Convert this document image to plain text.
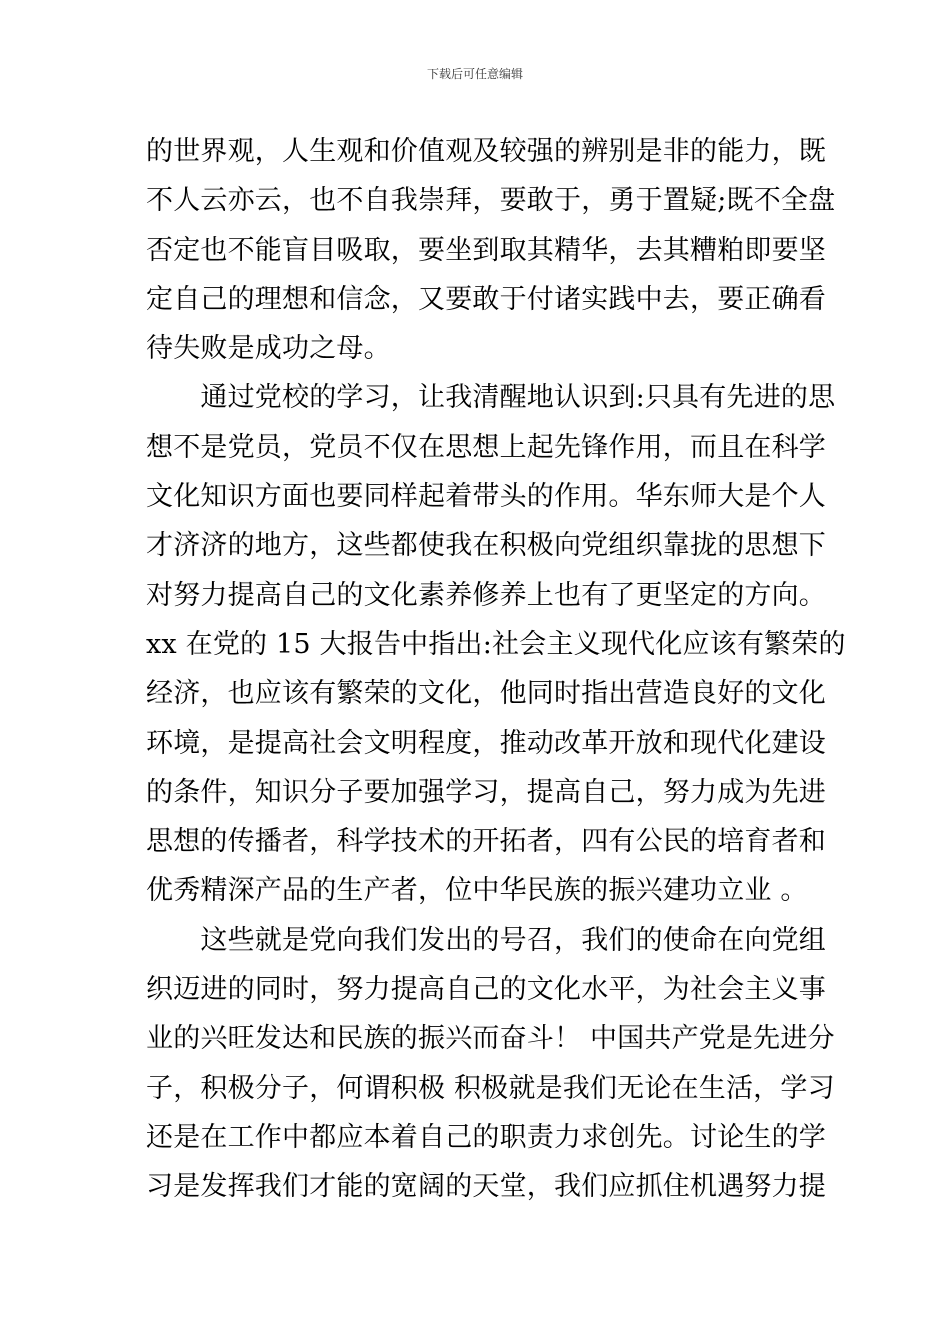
下载后可任意编辑
的世界观，人生观和价值观及较强的辨别是非的能力，既
不人云亦云，也不自我崇拜，要敢于，勇于置疑;既不全盘
否定也不能盲目吸取，要坐到取其精华，去其糟粕即要坚
定自己的理想和信念，又要敢于付诸实践中去，要正确看
待失败是成功之母。
　　通过党校的学习，让我清醒地认识到:只具有先进的思
想不是党员，党员不仅在思想上起先锋作用，而且在科学
文化知识方面也要同样起着带头的作用。华东师大是个人
才济济的地方，这些都使我在积极向党组织靠拢的思想下
对努力提高自己的文化素养修养上也有了更坚定的方向。
xx 在党的 15 大报告中指出:社会主义现代化应该有繁荣的
经济，也应该有繁荣的文化，他同时指出营造良好的文化
环境，是提高社会文明程度，推动改革开放和现代化建设
的条件，知识分子要加强学习，提高自己，努力成为先进
思想的传播者，科学技术的开拓者，四有公民的培育者和
优秀精深产品的生产者，位中华民族的振兴建功立业 。
　　这些就是党向我们发出的号召，我们的使命在向党组
织迈进的同时，努力提高自己的文化水平，为社会主义事
业的兴旺发达和民族的振兴而奋斗！ 中国共产党是先进分
子，积极分子，何谓积极 积极就是我们无论在生活，学习
还是在工作中都应本着自己的职责力求创先。讨论生的学
习是发挥我们才能的宽阔的天堂，我们应抓住机遇努力提
